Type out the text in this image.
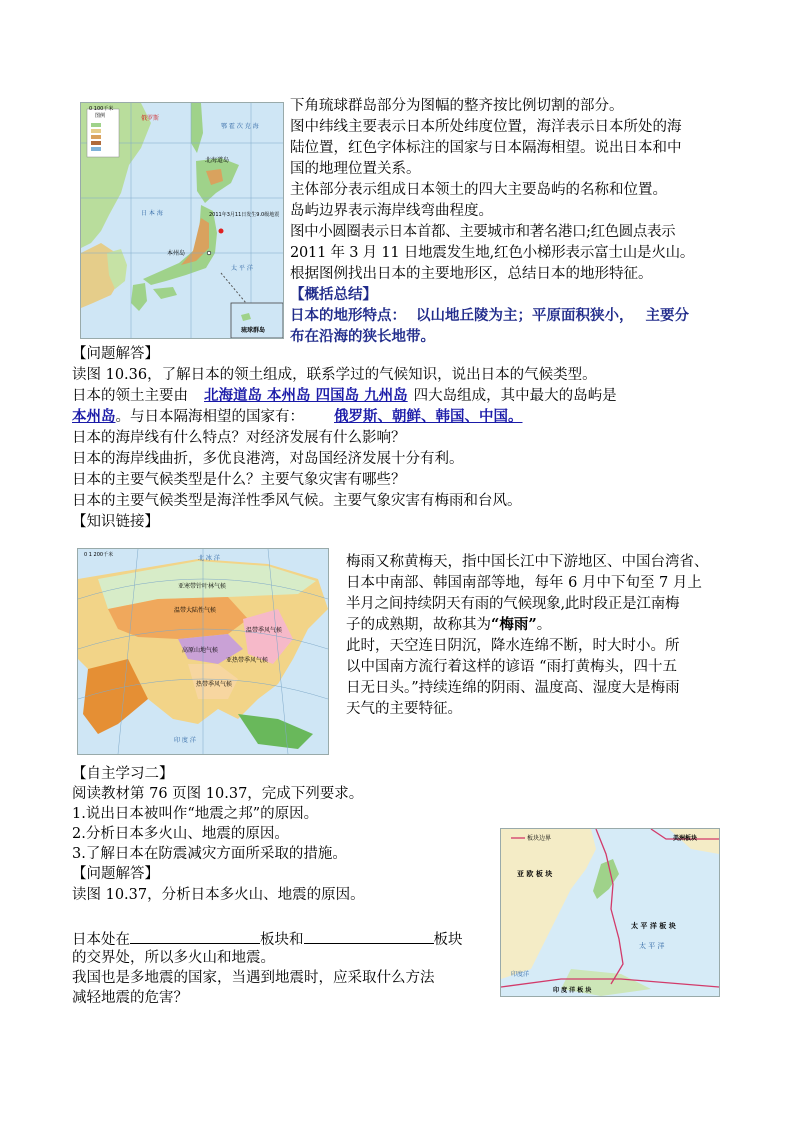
0 100千米
图例
鄂 霍 次 克 海
俄罗斯
北海道岛
日 本 海
本州岛
太 平 洋
2011年3月11日发生9.0级地震
琉球群岛
下角琉球群岛部分为图幅的整齐按比例切割的部分。
图中纬线主要表示日本所处纬度位置，海洋表示日本所处的海
陆位置，红色字体标注的国家与日本隔海相望。说出日本和中
国的地理位置关系。
主体部分表示组成日本领土的四大主要岛屿的名称和位置。
岛屿边界表示海岸线弯曲程度。
图中小圆圈表示日本首都、主要城市和著名港口;红色圆点表示
2011 年 3 月 11 日地震发生地,红色小梯形表示富士山是火山。
根据图例找出日本的主要地形区，总结日本的地形特征。
【概括总结】
日本的地形特点： 以山地丘陵为主；平原面积狭小， 主要分
布在沿海的狭长地带。
【问题解答】
读图 10.36，了解日本的领土组成，联系学过的气候知识，说出日本的气候类型。
日本的领土主要由 北海道岛 本州岛 四国岛 九州岛 四大岛组成，其中最大的岛屿是
本州岛。与日本隔海相望的国家有： 俄罗斯、朝鲜、韩国、中国。
日本的海岸线有什么特点？对经济发展有什么影响？
日本的海岸线曲折，多优良港湾，对岛国经济发展十分有利。
日本的主要气候类型是什么？主要气象灾害有哪些？
日本的主要气候类型是海洋性季风气候。主要气象灾害有梅雨和台风。
【知识链接】
0 1 200千米	北 冰 洋
亚寒带针叶林气候
温带大陆性气候
温带季风气候
高原山地气候
亚热带季风气候
热带季风气候
印 度 洋
梅雨又称黄梅天，指中国长江中下游地区、中国台湾省、
日本中南部、韩国南部等地，每年 6 月中下旬至 7 月上
半月之间持续阴天有雨的气候现象,此时段正是江南梅
子的成熟期，故称其为“梅雨”。
此时，天空连日阴沉，降水连绵不断，时大时小。所
以中国南方流行着这样的谚语 “雨打黄梅头，四十五
日无日头。”持续连绵的阴雨、温度高、湿度大是梅雨
天气的主要特征。
【自主学习二】
阅读教材第 76 页图 10.37，完成下列要求。
1.说出日本被叫作“地震之邦”的原因。
2.分析日本多火山、地震的原因。
3.了解日本在防震减灾方面所采取的措施。
【问题解答】
读图 10.37，分析日本多火山、地震的原因。
日本处在	板块和	板块
的交界处，所以多火山和地震。
我国也是多地震的国家，当遇到地震时，应采取什么方法
减轻地震的危害？
板块边界	美洲板块
亚 欧 板 块
太 平 洋 板 块
太 平 洋
印度洋
印 度 洋 板 块
